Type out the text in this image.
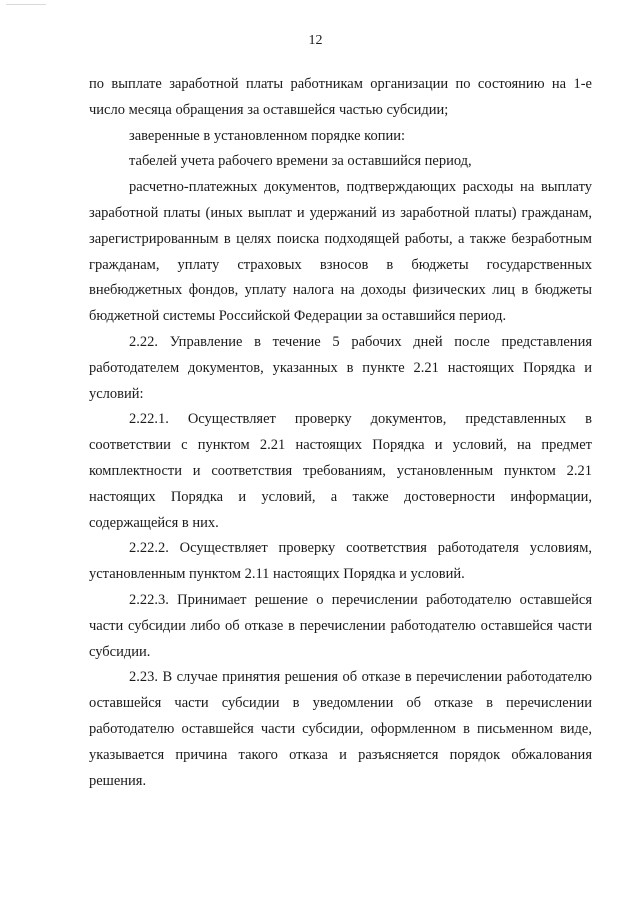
12

по выплате заработной платы работникам организации по состоянию на 1-е число месяца обращения за оставшейся частью субсидии;

заверенные в установленном порядке копии:

табелей учета рабочего времени за оставшийся период,

расчетно-платежных документов, подтверждающих расходы на выплату заработной платы (иных выплат и удержаний из заработной платы) гражданам, зарегистрированным в целях поиска подходящей работы, а также безработным гражданам, уплату страховых взносов в бюджеты государственных внебюджетных фондов, уплату налога на доходы физических лиц в бюджеты бюджетной системы Российской Федерации за оставшийся период.

2.22. Управление в течение 5 рабочих дней после представления работодателем документов, указанных в пункте 2.21 настоящих Порядка и условий:

2.22.1. Осуществляет проверку документов, представленных в соответствии с пунктом 2.21 настоящих Порядка и условий, на предмет комплектности и соответствия требованиям, установленным пунктом 2.21 настоящих Порядка и условий, а также достоверности информации, содержащейся в них.

2.22.2. Осуществляет проверку соответствия работодателя условиям, установленным пунктом 2.11 настоящих Порядка и условий.

2.22.3. Принимает решение о перечислении работодателю оставшейся части субсидии либо об отказе в перечислении работодателю оставшейся части субсидии.

2.23. В случае принятия решения об отказе в перечислении работодателю оставшейся части субсидии в уведомлении об отказе в перечислении работодателю оставшейся части субсидии, оформленном в письменном виде, указывается причина такого отказа и разъясняется порядок обжалования решения.
